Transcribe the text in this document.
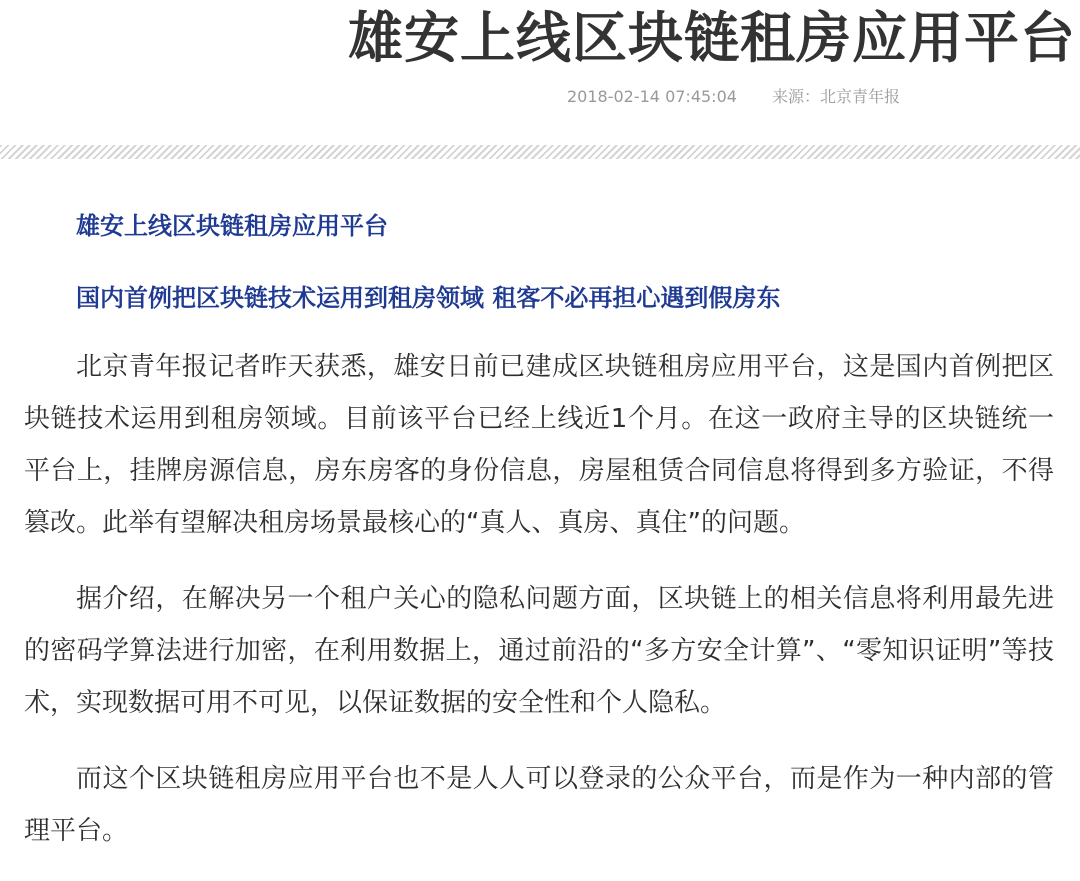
雄安上线区块链租房应用平台
2018-02-14 07:45:04 来源：北京青年报
雄安上线区块链租房应用平台
国内首例把区块链技术运用到租房领域 租客不必再担心遇到假房东

北京青年报记者昨天获悉，雄安日前已建成区块链租房应用平台，这是国内首例把区块链技术运用到租房领域。目前该平台已经上线近1个月。在这一政府主导的区块链统一平台上，挂牌房源信息，房东房客的身份信息，房屋租赁合同信息将得到多方验证，不得篡改。此举有望解决租房场景最核心的“真人、真房、真住”的问题。

据介绍，在解决另一个租户关心的隐私问题方面，区块链上的相关信息将利用最先进的密码学算法进行加密，在利用数据上，通过前沿的“多方安全计算”、“零知识证明”等技术，实现数据可用不可见，以保证数据的安全性和个人隐私。

而这个区块链租房应用平台也不是人人可以登录的公众平台，而是作为一种内部的管理平台。
